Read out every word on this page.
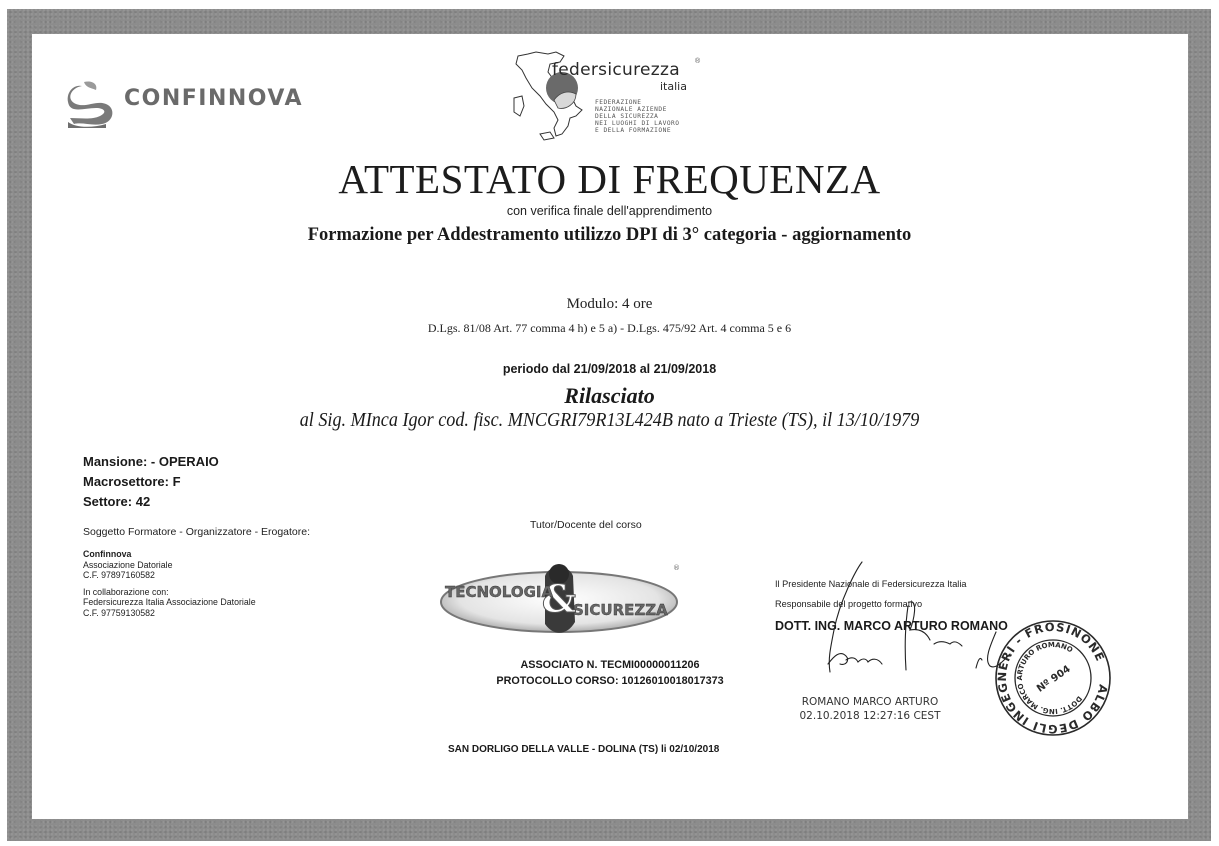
CONFINNOVA
federsicurezza ®
italia
FEDERAZIONE
NAZIONALE AZIENDE
DELLA SICUREZZA
NEI LUOGHI DI LAVORO
E DELLA FORMAZIONE
ATTESTATO DI FREQUENZA
con verifica finale dell'apprendimento
Formazione per Addestramento utilizzo DPI di 3° categoria - aggiornamento
Modulo: 4 ore
D.Lgs. 81/08 Art. 77 comma 4 h) e 5 a) - D.Lgs. 475/92 Art. 4 comma 5 e 6
periodo dal 21/09/2018 al 21/09/2018
Rilasciato
al Sig. MInca Igor cod. fisc. MNCGRI79R13L424B nato a Trieste (TS), il 13/10/1979
Mansione: - OPERAIO
Macrosettore: F
Settore: 42
Soggetto Formatore - Organizzatore - Erogatore:
Confinnova
Associazione Datoriale
C.F. 97897160582
In collaborazione con:
Federsicurezza Italia Associazione Datoriale
C.F. 97759130582
Tutor/Docente del corso
&
TECNOLOGIA
SICUREZZA
®
ASSOCIATO N. TECMI00000011206
PROTOCOLLO CORSO: 10126010018017373
Il Presidente Nazionale di Federsicurezza Italia
Responsabile del progetto formativo
DOTT. ING. MARCO ARTURO ROMANO
ROMANO MARCO ARTURO
02.10.2018 12:27:16 CEST
ALBO DEGLI INGEGNERI - FROSINONE
DOTT. ING. MARCO ARTURO ROMANO
Nº 904
SAN DORLIGO DELLA VALLE - DOLINA (TS) li 02/10/2018
